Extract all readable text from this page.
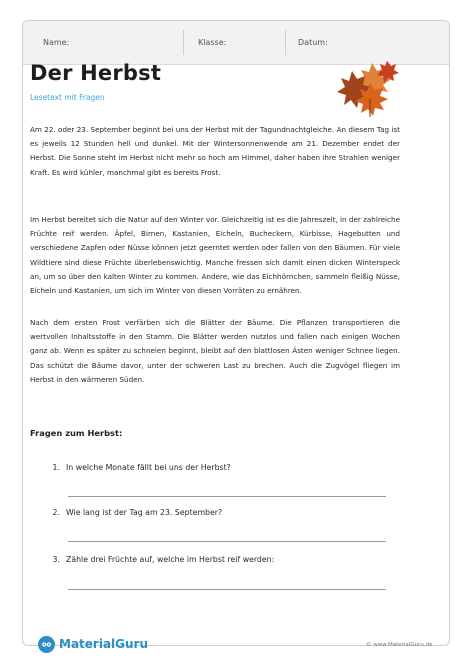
Name:	Klasse:	Datum:
Der Herbst
Lesetext mit Fragen
Am 22. oder 23. September beginnt bei uns der Herbst mit der Tagundnachtgleiche. An diesem Tag ist es jeweils 12 Stunden hell und dunkel. Mit der Wintersonnenwende am 21. Dezember endet der Herbst. Die Sonne steht im Herbst nicht mehr so hoch am Himmel, daher haben ihre Strahlen weniger Kraft. Es wird kühler, manchmal gibt es bereits Frost.
Im Herbst bereitet sich die Natur auf den Winter vor. Gleichzeitig ist es die Jahreszeit, in der zahlreiche Früchte reif werden. Äpfel, Birnen, Kastanien, Eicheln, Bucheckern, Kürbisse, Hagebutten und verschiedene Zapfen oder Nüsse können jetzt geerntet werden oder fallen von den Bäumen. Für viele Wildtiere sind diese Früchte überlebenswichtig. Manche fressen sich damit einen dicken Winterspeck an, um so über den kalten Winter zu kommen. Andere, wie das Eichhörnchen, sammeln fleißig Nüsse, Eicheln und Kastanien, um sich im Winter von diesen Vorräten zu ernähren.
Nach dem ersten Frost verfärben sich die Blätter der Bäume. Die Pflanzen transportieren die wertvollen Inhaltsstoffe in den Stamm. Die Blätter werden nutzlos und fallen nach einigen Wochen ganz ab. Wenn es später zu schneien beginnt, bleibt auf den blattlosen Ästen weniger Schnee liegen. Das schützt die Bäume davor, unter der schweren Last zu brechen. Auch die Zugvögel fliegen im Herbst in den wärmeren Süden.
Fragen zum Herbst:
1. In welche Monate fällt bei uns der Herbst?
2. Wie lang ist der Tag am 23. September?
3. Zähle drei Früchte auf, welche im Herbst reif werden:
MaterialGuru	© www.MaterialGuru.de
